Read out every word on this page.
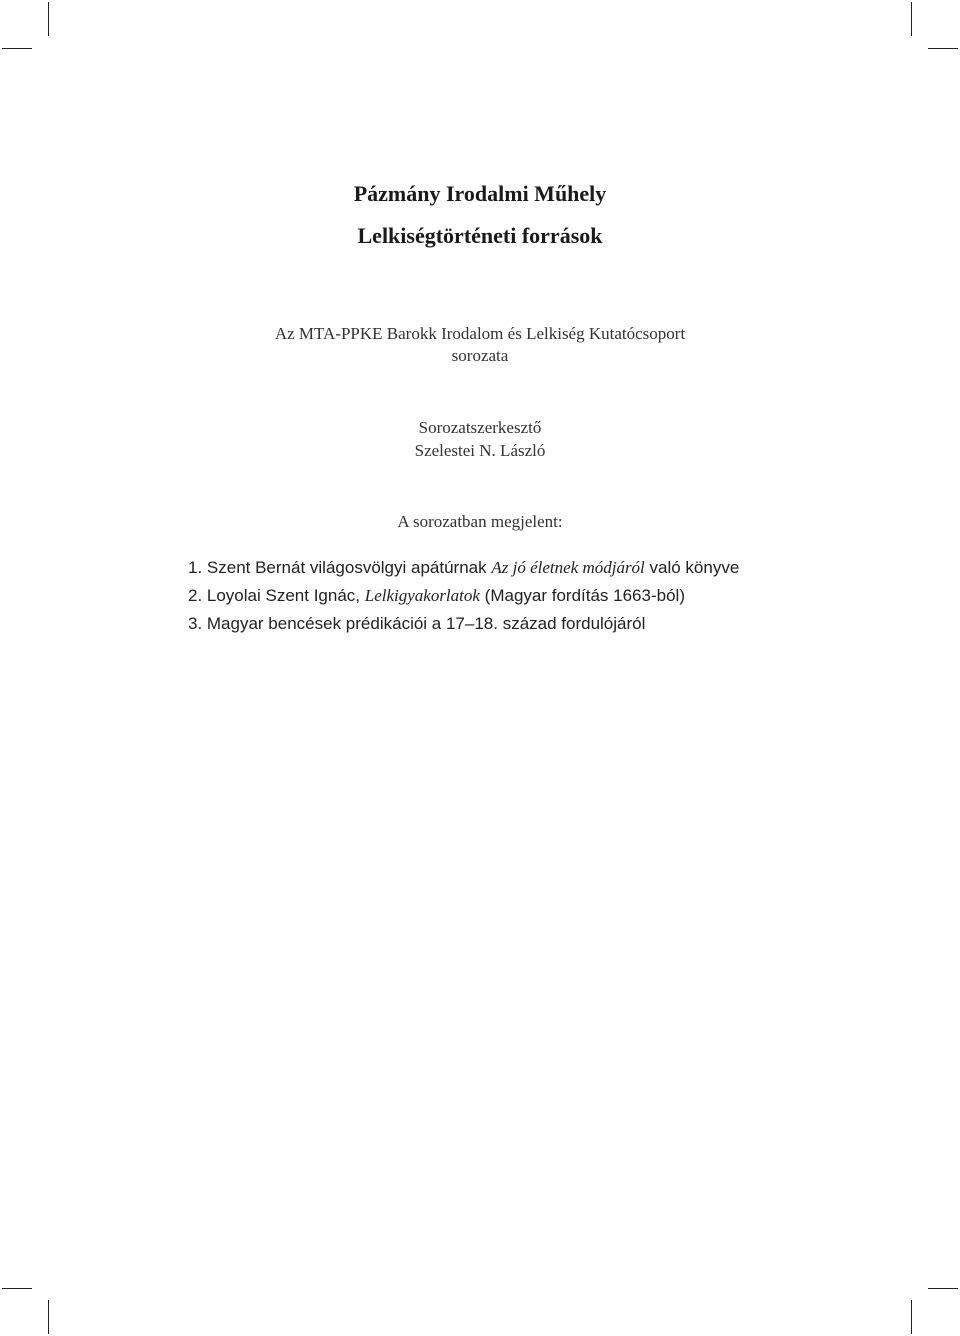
Pázmány Irodalmi Műhely
Lelkiségtörténeti források
Az MTA-PPKE Barokk Irodalom és Lelkiség Kutatócsoport
sorozata
Sorozatszerkesztő
Szelestei N. László
A sorozatban megjelent:
1. Szent Bernát világosvölgyi apátúrnak Az jó életnek módjáról való könyve
2. Loyolai Szent Ignác, Lelkigyakorlatok (Magyar fordítás 1663-ból)
3. Magyar bencések prédikációi a 17–18. század fordulójáról
